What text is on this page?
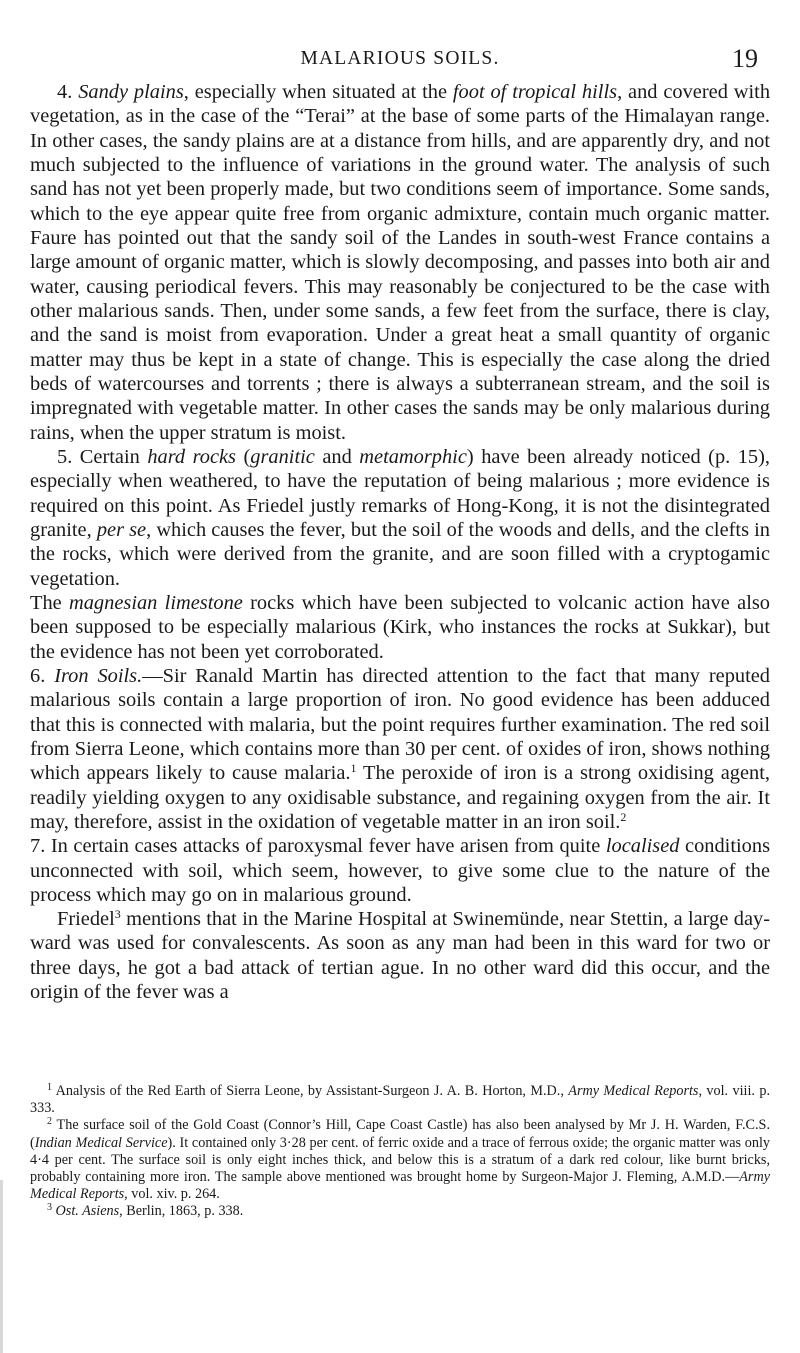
MALARIOUS SOILS.	19

4. Sandy plains, especially when situated at the foot of tropical hills, and covered with vegetation, as in the case of the “Terai” at the base of some parts of the Himalayan range. In other cases, the sandy plains are at a distance from hills, and are apparently dry, and not much subjected to the influence of variations in the ground water. The analysis of such sand has not yet been properly made, but two conditions seem of importance. Some sands, which to the eye appear quite free from organic admixture, contain much organic matter. Faure has pointed out that the sandy soil of the Landes in south-west France contains a large amount of organic matter, which is slowly decomposing, and passes into both air and water, causing periodical fevers. This may reasonably be conjectured to be the case with other malarious sands. Then, under some sands, a few feet from the surface, there is clay, and the sand is moist from evaporation. Under a great heat a small quantity of organic matter may thus be kept in a state of change. This is especially the case along the dried beds of watercourses and torrents ; there is always a subterranean stream, and the soil is impregnated with vegetable matter. In other cases the sands may be only malarious during rains, when the upper stratum is moist.

5. Certain hard rocks (granitic and metamorphic) have been already noticed (p. 15), especially when weathered, to have the reputation of being malarious ; more evidence is required on this point. As Friedel justly remarks of Hong-Kong, it is not the disintegrated granite, per se, which causes the fever, but the soil of the woods and dells, and the clefts in the rocks, which were derived from the granite, and are soon filled with a cryptogamic vegetation.

The magnesian limestone rocks which have been subjected to volcanic action have also been supposed to be especially malarious (Kirk, who instances the rocks at Sukkar), but the evidence has not been yet corroborated.

6. Iron Soils.—Sir Ranald Martin has directed attention to the fact that many reputed malarious soils contain a large proportion of iron. No good evidence has been adduced that this is connected with malaria, but the point requires further examination. The red soil from Sierra Leone, which contains more than 30 per cent. of oxides of iron, shows nothing which appears likely to cause malaria.$^1$ The peroxide of iron is a strong oxidising agent, readily yielding oxygen to any oxidisable substance, and regaining oxygen from the air. It may, therefore, assist in the oxidation of vegetable matter in an iron soil.$^2$

7. In certain cases attacks of paroxysmal fever have arisen from quite localised conditions unconnected with soil, which seem, however, to give some clue to the nature of the process which may go on in malarious ground.

Friedel$^3$ mentions that in the Marine Hospital at Swinemünde, near Stettin, a large day-ward was used for convalescents. As soon as any man had been in this ward for two or three days, he got a bad attack of tertian ague. In no other ward did this occur, and the origin of the fever was a

$^1$ Analysis of the Red Earth of Sierra Leone, by Assistant-Surgeon J. A. B. Horton, M.D., Army Medical Reports, vol. viii. p. 333.

$^2$ The surface soil of the Gold Coast (Connor’s Hill, Cape Coast Castle) has also been analysed by Mr J. H. Warden, F.C.S. (Indian Medical Service). It contained only 3·28 per cent. of ferric oxide and a trace of ferrous oxide; the organic matter was only 4·4 per cent. The surface soil is only eight inches thick, and below this is a stratum of a dark red colour, like burnt bricks, probably containing more iron. The sample above mentioned was brought home by Surgeon-Major J. Fleming, A.M.D.—Army Medical Reports, vol. xiv. p. 264.

$^3$ Ost. Asiens, Berlin, 1863, p. 338.
